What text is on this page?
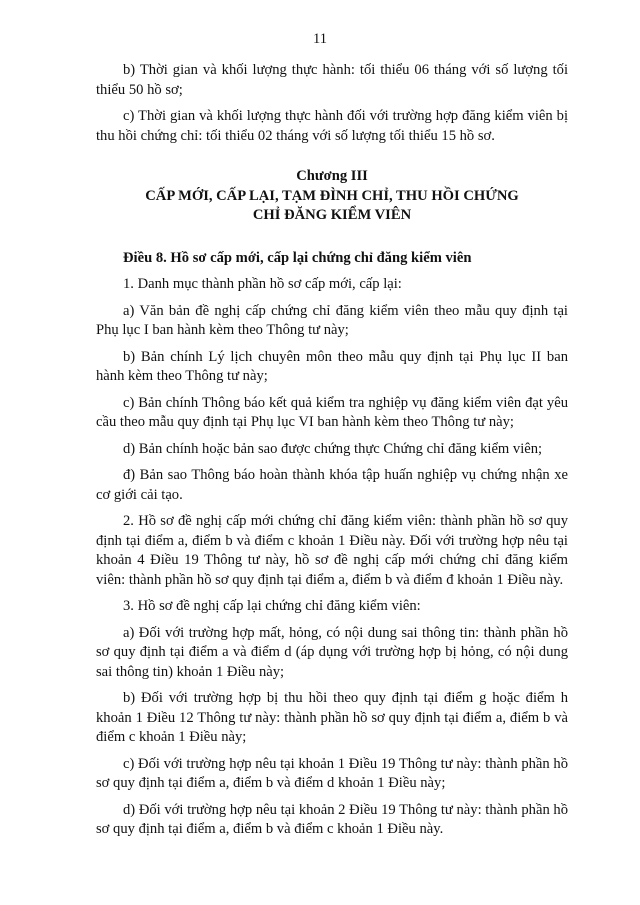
11

b) Thời gian và khối lượng thực hành: tối thiểu 06 tháng với số lượng tối thiểu 50 hồ sơ;

c) Thời gian và khối lượng thực hành đối với trường hợp đăng kiểm viên bị thu hồi chứng chỉ: tối thiểu 02 tháng với số lượng tối thiểu 15 hồ sơ.

Chương III

CẤP MỚI, CẤP LẠI, TẠM ĐÌNH CHỈ, THU HỒI CHỨNG CHỈ ĐĂNG KIỂM VIÊN

Điều 8. Hồ sơ cấp mới, cấp lại chứng chỉ đăng kiểm viên

1. Danh mục thành phần hồ sơ cấp mới, cấp lại:

a) Văn bản đề nghị cấp chứng chỉ đăng kiểm viên theo mẫu quy định tại Phụ lục I ban hành kèm theo Thông tư này;

b) Bản chính Lý lịch chuyên môn theo mẫu quy định tại Phụ lục II ban hành kèm theo Thông tư này;

c) Bản chính Thông báo kết quả kiểm tra nghiệp vụ đăng kiểm viên đạt yêu cầu theo mẫu quy định tại Phụ lục VI ban hành kèm theo Thông tư này;

d) Bản chính hoặc bản sao được chứng thực Chứng chỉ đăng kiểm viên;

đ) Bản sao Thông báo hoàn thành khóa tập huấn nghiệp vụ chứng nhận xe cơ giới cải tạo.

2. Hồ sơ đề nghị cấp mới chứng chỉ đăng kiểm viên: thành phần hồ sơ quy định tại điểm a, điểm b và điểm c khoản 1 Điều này. Đối với trường hợp nêu tại khoản 4 Điều 19 Thông tư này, hồ sơ đề nghị cấp mới chứng chỉ đăng kiểm viên: thành phần hồ sơ quy định tại điểm a, điểm b và điểm đ khoản 1 Điều này.

3. Hồ sơ đề nghị cấp lại chứng chỉ đăng kiểm viên:

a) Đối với trường hợp mất, hỏng, có nội dung sai thông tin: thành phần hồ sơ quy định tại điểm a và điểm d (áp dụng với trường hợp bị hỏng, có nội dung sai thông tin) khoản 1 Điều này;

b) Đối với trường hợp bị thu hồi theo quy định tại điểm g hoặc điểm h khoản 1 Điều 12 Thông tư này: thành phần hồ sơ quy định tại điểm a, điểm b và điểm c khoản 1 Điều này;

c) Đối với trường hợp nêu tại khoản 1 Điều 19 Thông tư này: thành phần hồ sơ quy định tại điểm a, điểm b và điểm d khoản 1 Điều này;

d) Đối với trường hợp nêu tại khoản 2 Điều 19 Thông tư này: thành phần hồ sơ quy định tại điểm a, điểm b và điểm c khoản 1 Điều này.
